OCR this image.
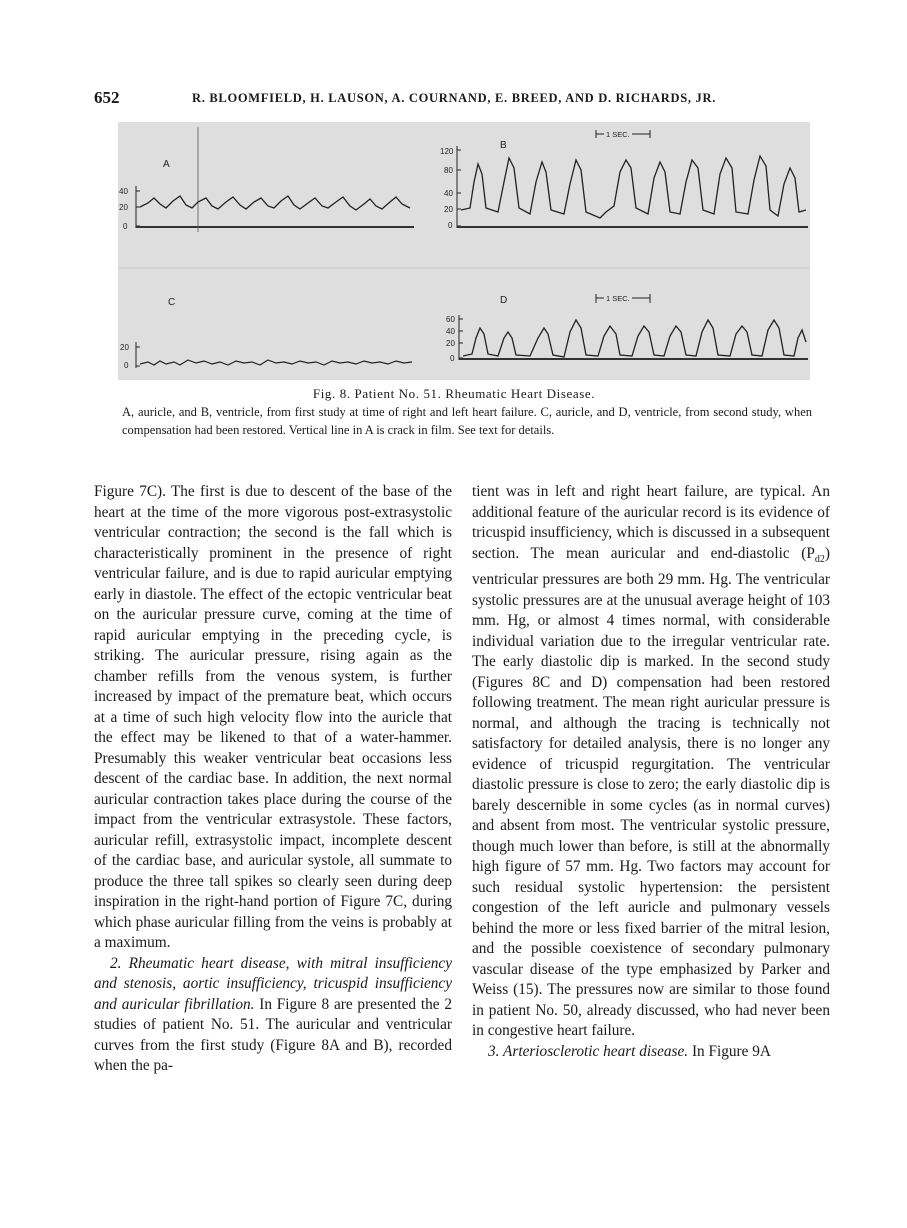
652	R. BLOOMFIELD, H. LAUSON, A. COURNAND, E. BREED, AND D. RICHARDS, JR.
A
40
20
0
B
1 SEC.
120
80
40
20
0
C
20
0
D	1 SEC.
60
40
20
0
Fig. 8. Patient No. 51. Rheumatic Heart Disease.
A, auricle, and B, ventricle, from first study at time of right and left heart failure. C, auricle, and D, ventricle, from second study, when compensation had been restored. Vertical line in A is crack in film. See text for details.

Figure 7C). The first is due to descent of the base of the heart at the time of the more vigorous post-extrasystolic ventricular contraction; the second is the fall which is characteristically prominent in the presence of right ventricular failure, and is due to rapid auricular emptying early in diastole. The effect of the ectopic ventricular beat on the auricular pressure curve, coming at the time of rapid auricular emptying in the preceding cycle, is striking. The auricular pressure, rising again as the chamber refills from the venous system, is further increased by impact of the premature beat, which occurs at a time of such high velocity flow into the auricle that the effect may be likened to that of a water-hammer. Presumably this weaker ventricular beat occasions less descent of the cardiac base. In addition, the next normal auricular contraction takes place during the course of the impact from the ventricular extrasystole. These factors, auricular refill, extrasystolic impact, incomplete descent of the cardiac base, and auricular systole, all summate to produce the three tall spikes so clearly seen during deep inspiration in the right-hand portion of Figure 7C, during which phase auricular filling from the veins is probably at a maximum.

2. Rheumatic heart disease, with mitral insufficiency and stenosis, aortic insufficiency, tricuspid insufficiency and auricular fibrillation. In Figure 8 are presented the 2 studies of patient No. 51. The auricular and ventricular curves from the first study (Figure 8A and B), recorded when the pa-

tient was in left and right heart failure, are typical. An additional feature of the auricular record is its evidence of tricuspid insufficiency, which is discussed in a subsequent section. The mean auricular and end-diastolic $(P_{d2})$ ventricular pressures are both 29 mm. Hg. The ventricular systolic pressures are at the unusual average height of 103 mm. Hg, or almost 4 times normal, with considerable individual variation due to the irregular ventricular rate. The early diastolic dip is marked. In the second study (Figures 8C and D) compensation had been restored following treatment. The mean right auricular pressure is normal, and although the tracing is technically not satisfactory for detailed analysis, there is no longer any evidence of tricuspid regurgitation. The ventricular diastolic pressure is close to zero; the early diastolic dip is barely descernible in some cycles (as in normal curves) and absent from most. The ventricular systolic pressure, though much lower than before, is still at the abnormally high figure of 57 mm. Hg. Two factors may account for such residual systolic hypertension: the persistent congestion of the left auricle and pulmonary vessels behind the more or less fixed barrier of the mitral lesion, and the possible coexistence of secondary pulmonary vascular disease of the type emphasized by Parker and Weiss (15). The pressures now are similar to those found in patient No. 50, already discussed, who had never been in congestive heart failure.

3. Arteriosclerotic heart disease. In Figure 9A
